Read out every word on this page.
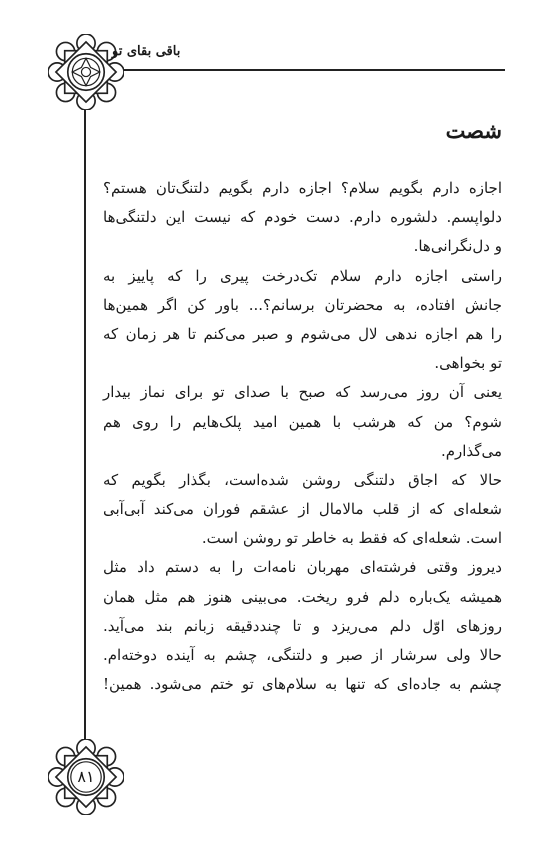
باقی بقای تو
شصت
اجازه دارم بگویم سلام؟ اجازه دارم بگویم دلتنگ‌تان هستم؟
دلواپسم. دلشوره دارم. دست خودم که نیست این دلتنگی‌ها
و دل‌نگرانی‌ها.
راستی اجازه دارم سلام تک‌درخت پیری را که پاییز به
جانش افتاده، به محضرتان برسانم؟... باور کن اگر همین‌ها
را هم اجازه ندهی لال می‌شوم و صبر می‌کنم تا هر زمان که
تو بخواهی.
یعنی آن روز می‌رسد که صبح با صدای تو برای نماز بیدار
شوم؟ من که هرشب با همین امید پلک‌هایم را روی هم
می‌گذارم.
حالا که اجاق دلتنگی روشن شده‌است، بگذار بگویم که
شعله‌ای که از قلب مالامال از عشقم فوران می‌کند آبی‌آبی
است. شعله‌ای که فقط به خاطر تو روشن است.
دیروز وقتی فرشته‌ای مهربان نامه‌ات را به دستم داد مثل
همیشه یک‌باره دلم فرو ریخت. می‌بینی هنوز هم مثل همان
روزهای اوّل دلم می‌ریزد و تا چنددقیقه زبانم بند می‌آید.
حالا ولی سرشار از صبر و دلتنگی، چشم به آینده دوخته‌ام.
چشم به جاده‌ای که تنها به سلام‌های تو ختم می‌شود. همین!
۸۱
